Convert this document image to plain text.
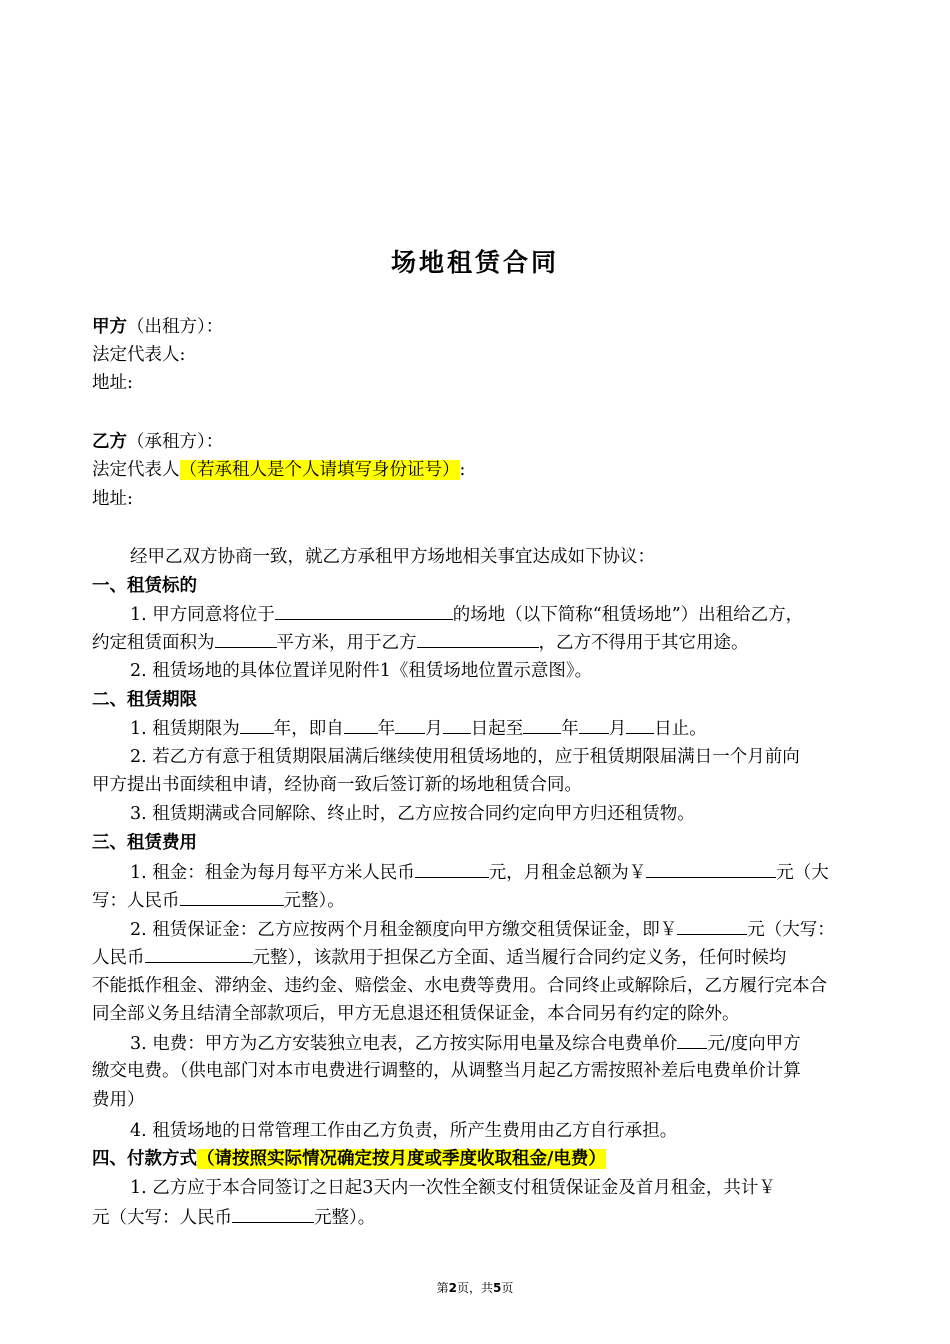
场地租赁合同
甲方（出租方）：
法定代表人:
地址:
乙方（承租方）：
法定代表人（若承租人是个人请填写身份证号）:
地址:
经甲乙双方协商一致，就乙方承租甲方场地相关事宜达成如下协议：
一、租赁标的
1. 甲方同意将位于	的场地（以下简称“租赁场地”）出租给乙方，
约定租赁面积为	平方米，用于乙方	，乙方不得用于其它用途。
2. 租赁场地的具体位置详见附件1《租赁场地位置示意图》。
二、租赁期限
1. 租赁期限为 年，即自 年 月 日起至 年 月 日止。
2. 若乙方有意于租赁期限届满后继续使用租赁场地的，应于租赁期限届满日一个月前向
甲方提出书面续租申请，经协商一致后签订新的场地租赁合同。
3. 租赁期满或合同解除、终止时，乙方应按合同约定向甲方归还租赁物。
三、租赁费用
1. 租金：租金为每月每平方米人民币	元，月租金总额为￥	元（大
写：人民币	元整）。
2. 租赁保证金：乙方应按两个月租金额度向甲方缴交租赁保证金，即￥	元（大写：
人民币	元整），该款用于担保乙方全面、适当履行合同约定义务，任何时候均
不能抵作租金、滞纳金、违约金、赔偿金、水电费等费用。合同终止或解除后，乙方履行完本合
同全部义务且结清全部款项后，甲方无息退还租赁保证金，本合同另有约定的除外。
3. 电费：甲方为乙方安装独立电表，乙方按实际用电量及综合电费单价 元/度向甲方
缴交电费。（供电部门对本市电费进行调整的，从调整当月起乙方需按照补差后电费单价计算
费用）
4. 租赁场地的日常管理工作由乙方负责，所产生费用由乙方自行承担。
四、付款方式（请按照实际情况确定按月度或季度收取租金/电费）
1. 乙方应于本合同签订之日起3天内一次性全额支付租赁保证金及首月租金，共计￥
元（大写：人民币	元整）。
第2页，共5页
